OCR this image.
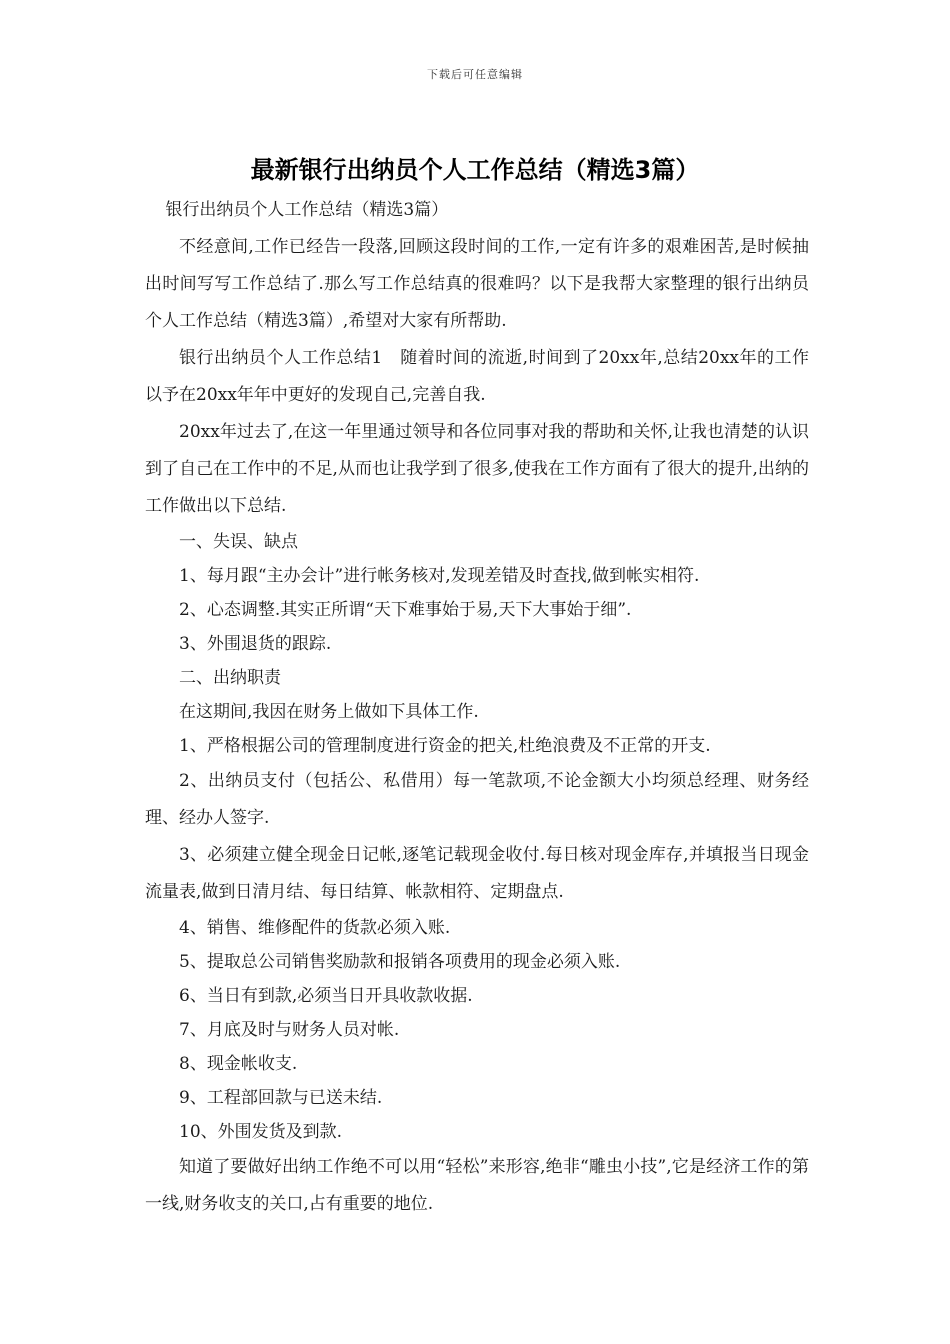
下载后可任意编辑
最新银行出纳员个人工作总结（精选3篇）

银行出纳员个人工作总结（精选3篇）

不经意间,工作已经告一段落,回顾这段时间的工作,一定有许多的艰难困苦,是时候抽出时间写写工作总结了.那么写工作总结真的很难吗？以下是我帮大家整理的银行出纳员个人工作总结（精选3篇）,希望对大家有所帮助.

银行出纳员个人工作总结1　随着时间的流逝,时间到了20xx年,总结20xx年的工作以予在20xx年年中更好的发现自己,完善自我.

20xx年过去了,在这一年里通过领导和各位同事对我的帮助和关怀,让我也清楚的认识到了自己在工作中的不足,从而也让我学到了很多,使我在工作方面有了很大的提升,出纳的工作做出以下总结.

一、失误、缺点

1、每月跟“主办会计”进行帐务核对,发现差错及时查找,做到帐实相符.

2、心态调整.其实正所谓“天下难事始于易,天下大事始于细”.

3、外围退货的跟踪.

二、出纳职责

在这期间,我因在财务上做如下具体工作.

1、严格根据公司的管理制度进行资金的把关,杜绝浪费及不正常的开支.

2、出纳员支付（包括公、私借用）每一笔款项,不论金额大小均须总经理、财务经理、经办人签字.

3、必须建立健全现金日记帐,逐笔记载现金收付.每日核对现金库存,并填报当日现金流量表,做到日清月结、每日结算、帐款相符、定期盘点.

4、销售、维修配件的货款必须入账.

5、提取总公司销售奖励款和报销各项费用的现金必须入账.

6、当日有到款,必须当日开具收款收据.

7、月底及时与财务人员对帐.

8、现金帐收支.

9、工程部回款与已送未结.

10、外围发货及到款.

知道了要做好出纳工作绝不可以用“轻松”来形容,绝非“雕虫小技”,它是经济工作的第一线,财务收支的关口,占有重要的地位.
